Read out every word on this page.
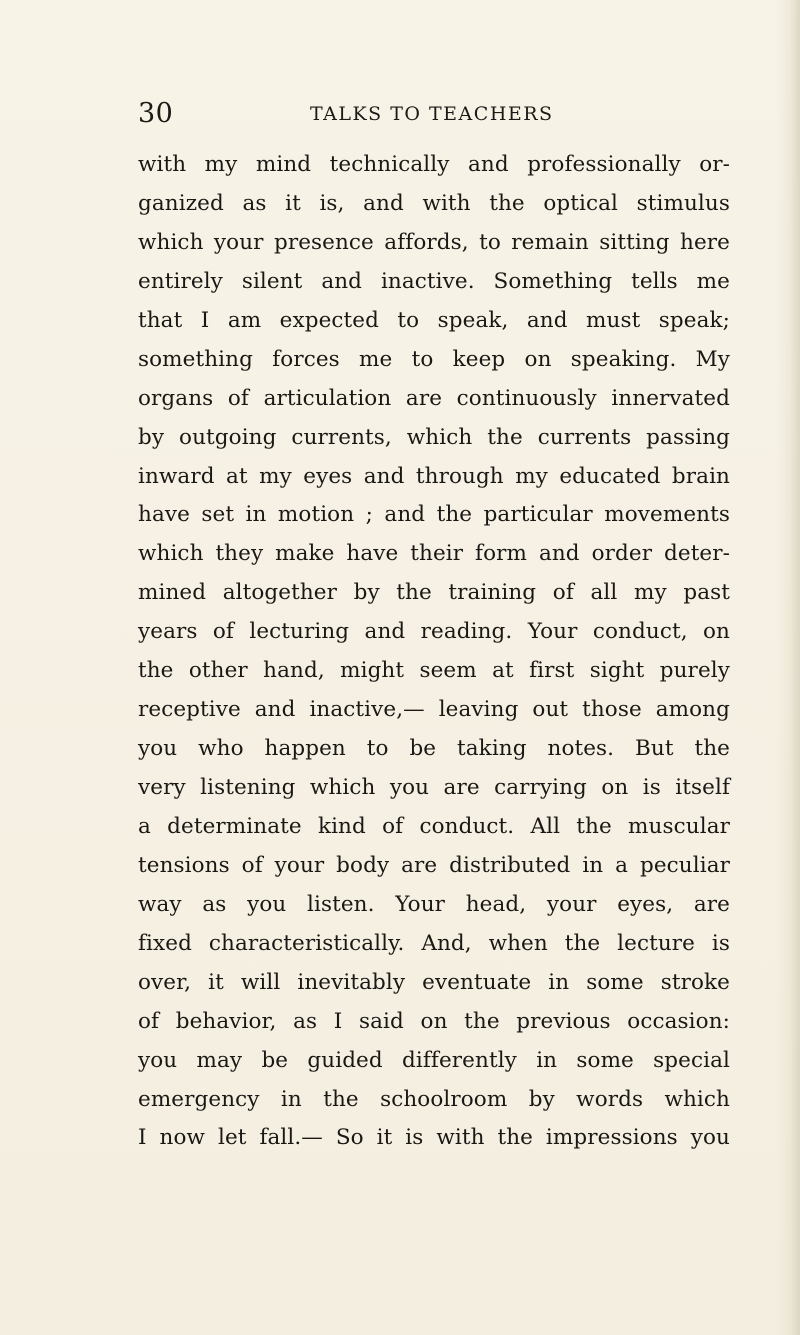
30	TALKS TO TEACHERS
with my mind technically and professionally or-
ganized as it is, and with the optical stimulus
which your presence affords, to remain sitting here
entirely silent and inactive. Something tells me
that I am expected to speak, and must speak;
something forces me to keep on speaking. My
organs of articulation are continuously innervated
by outgoing currents, which the currents passing
inward at my eyes and through my educated brain
have set in motion ; and the particular movements
which they make have their form and order deter-
mined altogether by the training of all my past
years of lecturing and reading. Your conduct, on
the other hand, might seem at first sight purely
receptive and inactive,— leaving out those among
you who happen to be taking notes. But the
very listening which you are carrying on is itself
a determinate kind of conduct. All the muscular
tensions of your body are distributed in a peculiar
way as you listen. Your head, your eyes, are
fixed characteristically. And, when the lecture is
over, it will inevitably eventuate in some stroke
of behavior, as I said on the previous occasion:
you may be guided differently in some special
emergency in the schoolroom by words which
I now let fall.— So it is with the impressions you
